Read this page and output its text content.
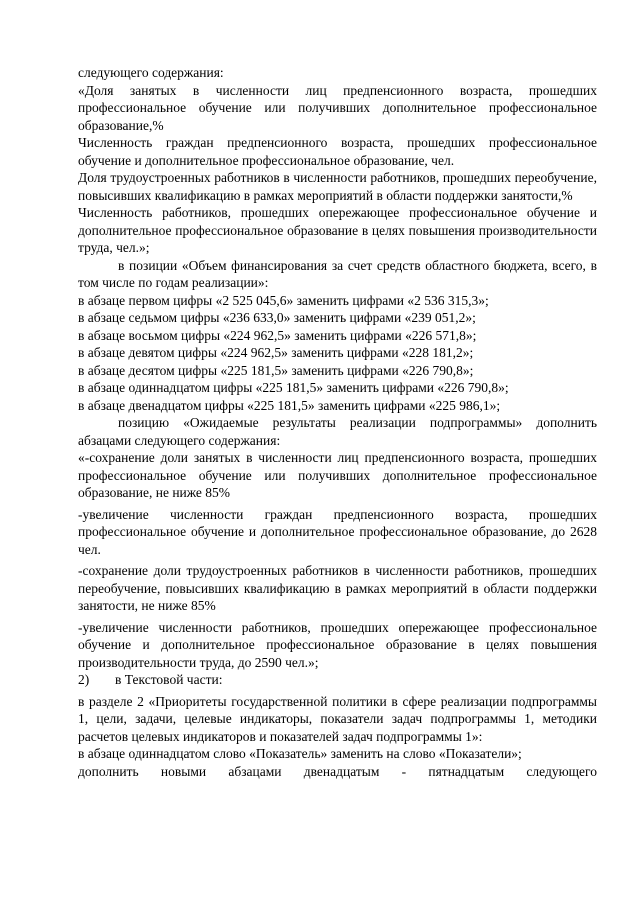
следующего содержания:

«Доля занятых в численности лиц предпенсионного возраста, прошедших профессиональное обучение или получивших дополнительное профессиональное образование,%

Численность граждан предпенсионного возраста, прошедших профессиональное обучение и дополнительное профессиональное образование, чел.

Доля трудоустроенных работников в численности работников, прошедших переобучение, повысивших квалификацию в рамках мероприятий в области поддержки занятости,%

Численность работников, прошедших опережающее профессиональное обучение и дополнительное профессиональное образование в целях повышения производительности труда, чел.»;

в позиции «Объем финансирования за счет средств областного бюджета, всего, в том числе по годам реализации»:

в абзаце первом цифры «2 525 045,6» заменить цифрами «2 536 315,3»;

в абзаце седьмом цифры «236 633,0» заменить цифрами «239 051,2»;

в абзаце восьмом цифры «224 962,5» заменить цифрами «226 571,8»;

в абзаце девятом цифры «224 962,5» заменить цифрами «228 181,2»;

в абзаце десятом цифры «225 181,5» заменить цифрами «226 790,8»;

в абзаце одиннадцатом цифры «225 181,5» заменить цифрами «226 790,8»;

в абзаце двенадцатом цифры «225 181,5» заменить цифрами «225 986,1»;

позицию «Ожидаемые результаты реализации подпрограммы» дополнить абзацами следующего содержания:

«-сохранение доли занятых в численности лиц предпенсионного возраста, прошедших профессиональное обучение или получивших дополнительное профессиональное образование, не ниже 85%

-увеличение численности граждан предпенсионного возраста, прошедших профессиональное обучение и дополнительное профессиональное образование, до 2628 чел.

-сохранение доли трудоустроенных работников в численности работников, прошедших переобучение, повысивших квалификацию в рамках мероприятий в области поддержки занятости, не ниже 85%

-увеличение численности работников, прошедших опережающее профессиональное обучение и дополнительное профессиональное образование в целях повышения производительности труда, до 2590 чел.»;

2) в Текстовой части:

в разделе 2 «Приоритеты государственной политики в сфере реализации подпрограммы 1, цели, задачи, целевые индикаторы, показатели задач подпрограммы 1, методики расчетов целевых индикаторов и показателей задач подпрограммы 1»:

в абзаце одиннадцатом слово «Показатель» заменить на слово «Показатели»;

дополнить новыми абзацами двенадцатым - пятнадцатым следующего
